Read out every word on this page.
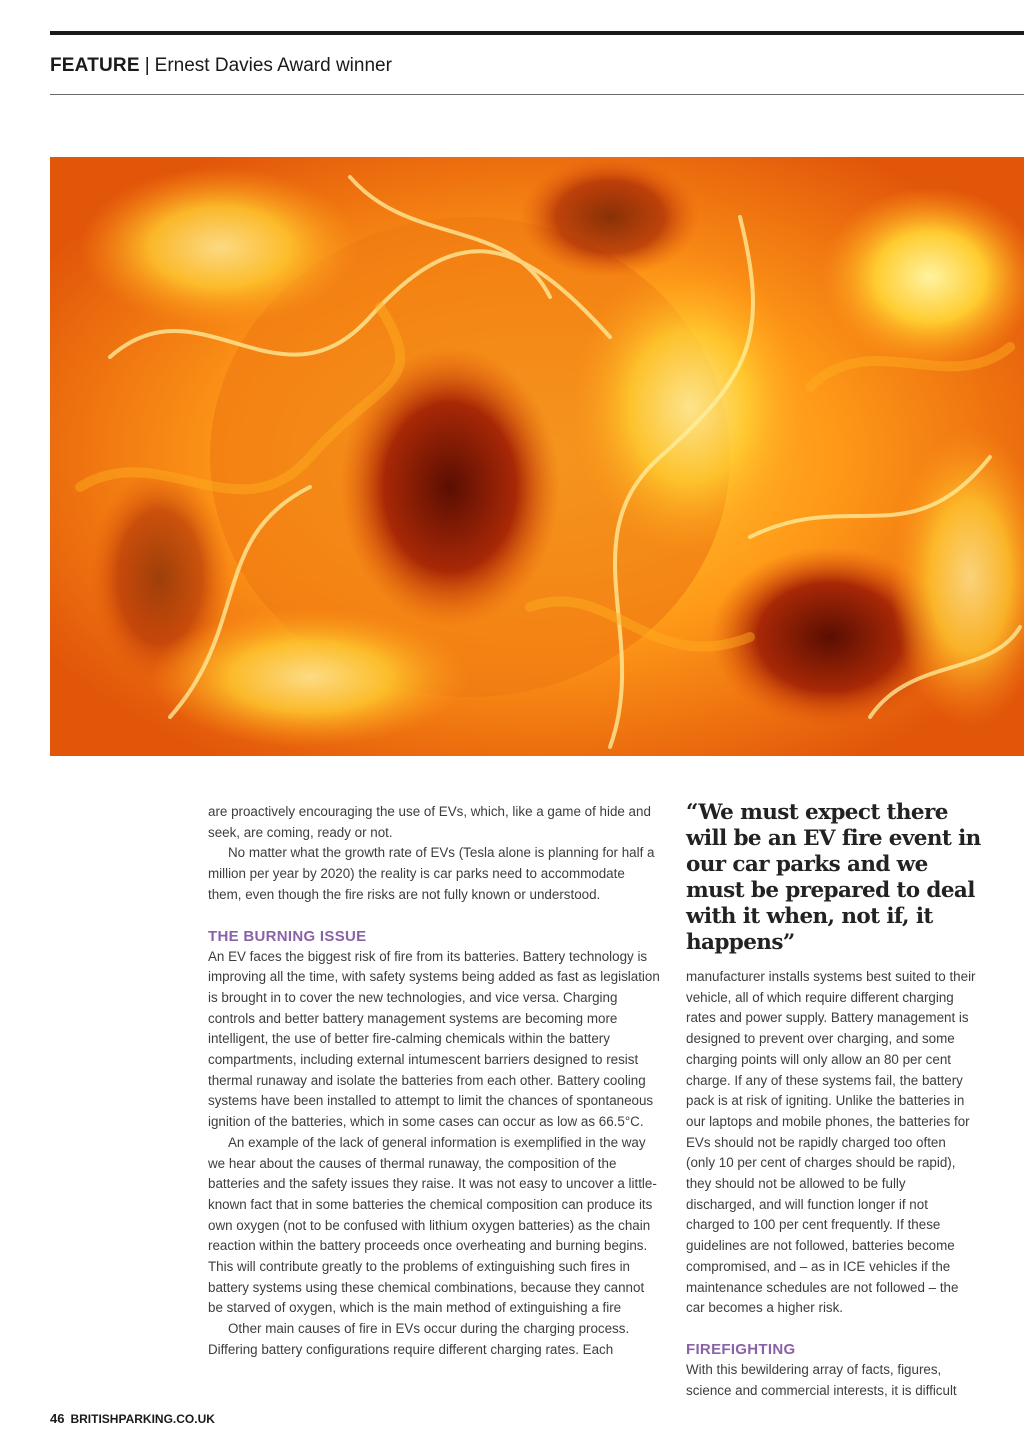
FEATURE | Ernest Davies Award winner

are proactively encouraging the use of EVs, which, like a game of hide and seek, are coming, ready or not.

No matter what the growth rate of EVs (Tesla alone is planning for half a million per year by 2020) the reality is car parks need to accommodate them, even though the fire risks are not fully known or understood.

THE BURNING ISSUE

An EV faces the biggest risk of fire from its batteries. Battery technology is improving all the time, with safety systems being added as fast as legislation is brought in to cover the new technologies, and vice versa. Charging controls and better battery management systems are becoming more intelligent, the use of better fire-calming chemicals within the battery compartments, including external intumescent barriers designed to resist thermal runaway and isolate the batteries from each other. Battery cooling systems have been installed to attempt to limit the chances of spontaneous ignition of the batteries, which in some cases can occur as low as 66.5°C.

An example of the lack of general information is exemplified in the way we hear about the causes of thermal runaway, the composition of the batteries and the safety issues they raise. It was not easy to uncover a little-known fact that in some batteries the chemical composition can produce its own oxygen (not to be confused with lithium oxygen batteries) as the chain reaction within the battery proceeds once overheating and burning begins. This will contribute greatly to the problems of extinguishing such fires in battery systems using these chemical combinations, because they cannot be starved of oxygen, which is the main method of extinguishing a fire

Other main causes of fire in EVs occur during the charging process. Differing battery configurations require different charging rates. Each

“We must expect there will be an EV fire event in our car parks and we must be prepared to deal with it when, not if, it happens”

manufacturer installs systems best suited to their vehicle, all of which require different charging rates and power supply. Battery management is designed to prevent over charging, and some charging points will only allow an 80 per cent charge. If any of these systems fail, the battery pack is at risk of igniting. Unlike the batteries in our laptops and mobile phones, the batteries for EVs should not be rapidly charged too often (only 10 per cent of charges should be rapid), they should not be allowed to be fully discharged, and will function longer if not charged to 100 per cent frequently. If these guidelines are not followed, batteries become compromised, and – as in ICE vehicles if the maintenance schedules are not followed – the car becomes a higher risk.

FIREFIGHTING

With this bewildering array of facts, figures, science and commercial interests, it is difficult

46 BRITISHPARKING.CO.UK
